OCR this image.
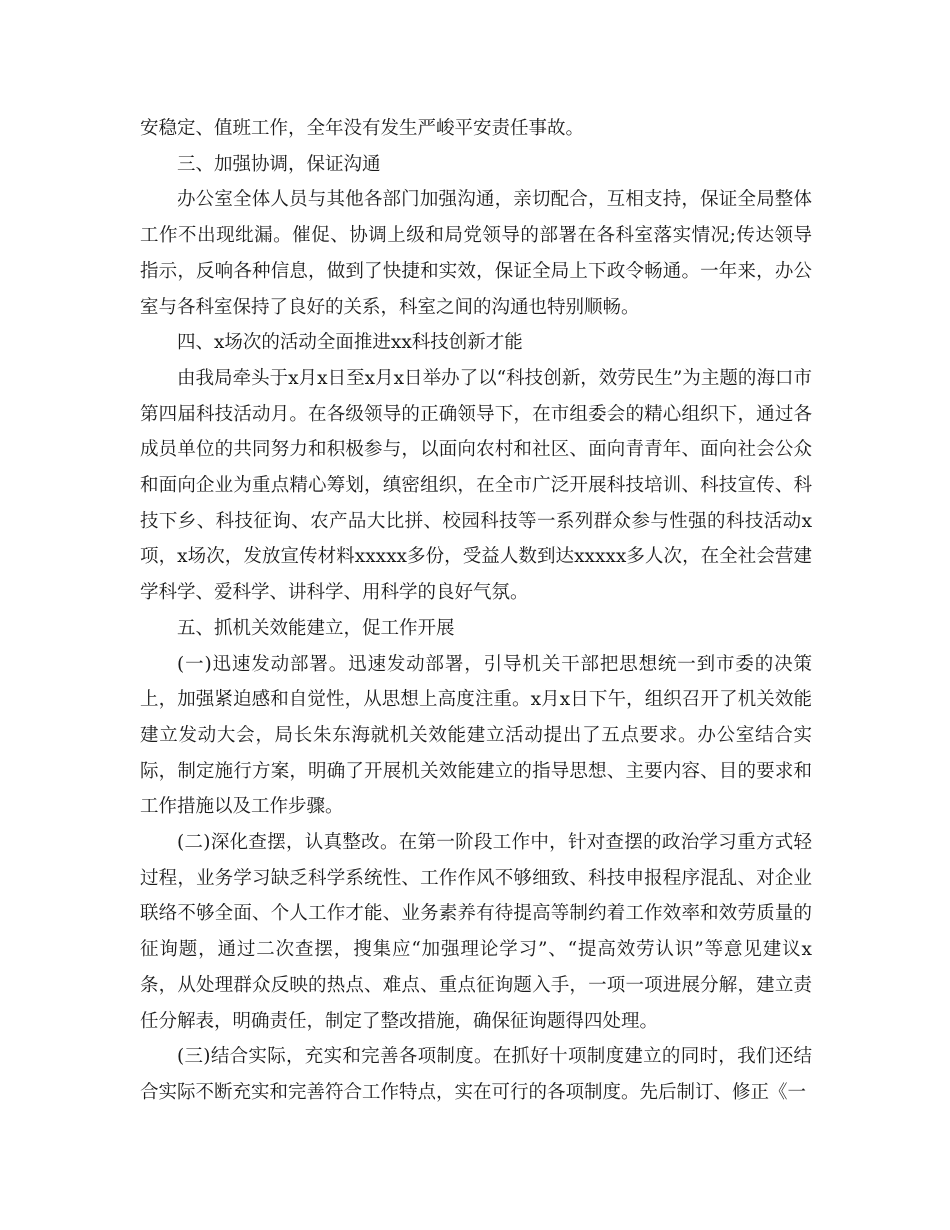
安稳定、值班工作，全年没有发生严峻平安责任事故。

三、加强协调，保证沟通

办公室全体人员与其他各部门加强沟通，亲切配合，互相支持，保证全局整体工作不出现纰漏。催促、协调上级和局党领导的部署在各科室落实情况;传达领导指示，反响各种信息，做到了快捷和实效，保证全局上下政令畅通。一年来，办公室与各科室保持了良好的关系，科室之间的沟通也特别顺畅。

四、x场次的活动全面推进xx科技创新才能

由我局牵头于x月x日至x月x日举办了以“科技创新，效劳民生”为主题的海口市第四届科技活动月。在各级领导的正确领导下，在市组委会的精心组织下，通过各成员单位的共同努力和积极参与，以面向农村和社区、面向青青年、面向社会公众和面向企业为重点精心筹划，缜密组织，在全市广泛开展科技培训、科技宣传、科技下乡、科技征询、农产品大比拼、校园科技等一系列群众参与性强的科技活动x项，x场次，发放宣传材料xxxxx多份，受益人数到达xxxxx多人次，在全社会营建学科学、爱科学、讲科学、用科学的良好气氛。

五、抓机关效能建立，促工作开展

(一)迅速发动部署。迅速发动部署，引导机关干部把思想统一到市委的决策上，加强紧迫感和自觉性，从思想上高度注重。x月x日下午，组织召开了机关效能建立发动大会，局长朱东海就机关效能建立活动提出了五点要求。办公室结合实际，制定施行方案，明确了开展机关效能建立的指导思想、主要内容、目的要求和工作措施以及工作步骤。

(二)深化查摆，认真整改。在第一阶段工作中，针对查摆的政治学习重方式轻过程，业务学习缺乏科学系统性、工作作风不够细致、科技申报程序混乱、对企业联络不够全面、个人工作才能、业务素养有待提高等制约着工作效率和效劳质量的征询题，通过二次查摆，搜集应“加强理论学习”、“提高效劳认识”等意见建议x条，从处理群众反映的热点、难点、重点征询题入手，一项一项进展分解，建立责任分解表，明确责任，制定了整改措施，确保征询题得四处理。

(三)结合实际，充实和完善各项制度。在抓好十项制度建立的同时，我们还结合实际不断充实和完善符合工作特点，实在可行的各项制度。先后制订、修正《一
